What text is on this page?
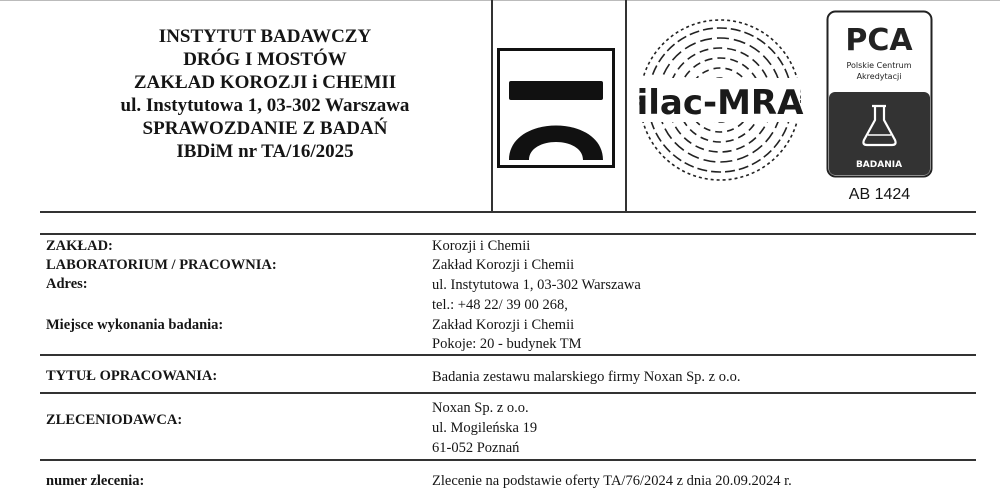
INSTYTUT BADAWCZY
DRÓG I MOSTÓW
ZAKŁAD KOROZJI i CHEMII
ul. Instytutowa 1, 03-302 Warszawa
SPRAWOZDANIE Z BADAŃ
IBDiM nr TA/16/2025
ilac-MRA
PCA
Polskie Centrum
Akredytacji
BADANIA
AB 1424
ZAKŁAD:
LABORATORIUM / PRACOWNIA:
Adres:
Miejsce wykonania badania:
TYTUŁ OPRACOWANIA:
ZLECENIODAWCA:
numer zlecenia:
Korozji i Chemii
Zakład Korozji i Chemii
ul. Instytutowa 1, 03-302 Warszawa
tel.: +48 22/ 39 00 268,
Zakład Korozji i Chemii
Pokoje: 20 - budynek TM
Badania zestawu malarskiego firmy Noxan Sp. z o.o.
Noxan Sp. z o.o.
ul. Mogileńska 19
61-052 Poznań
Zlecenie na podstawie oferty TA/76/2024 z dnia 20.09.2024 r.
